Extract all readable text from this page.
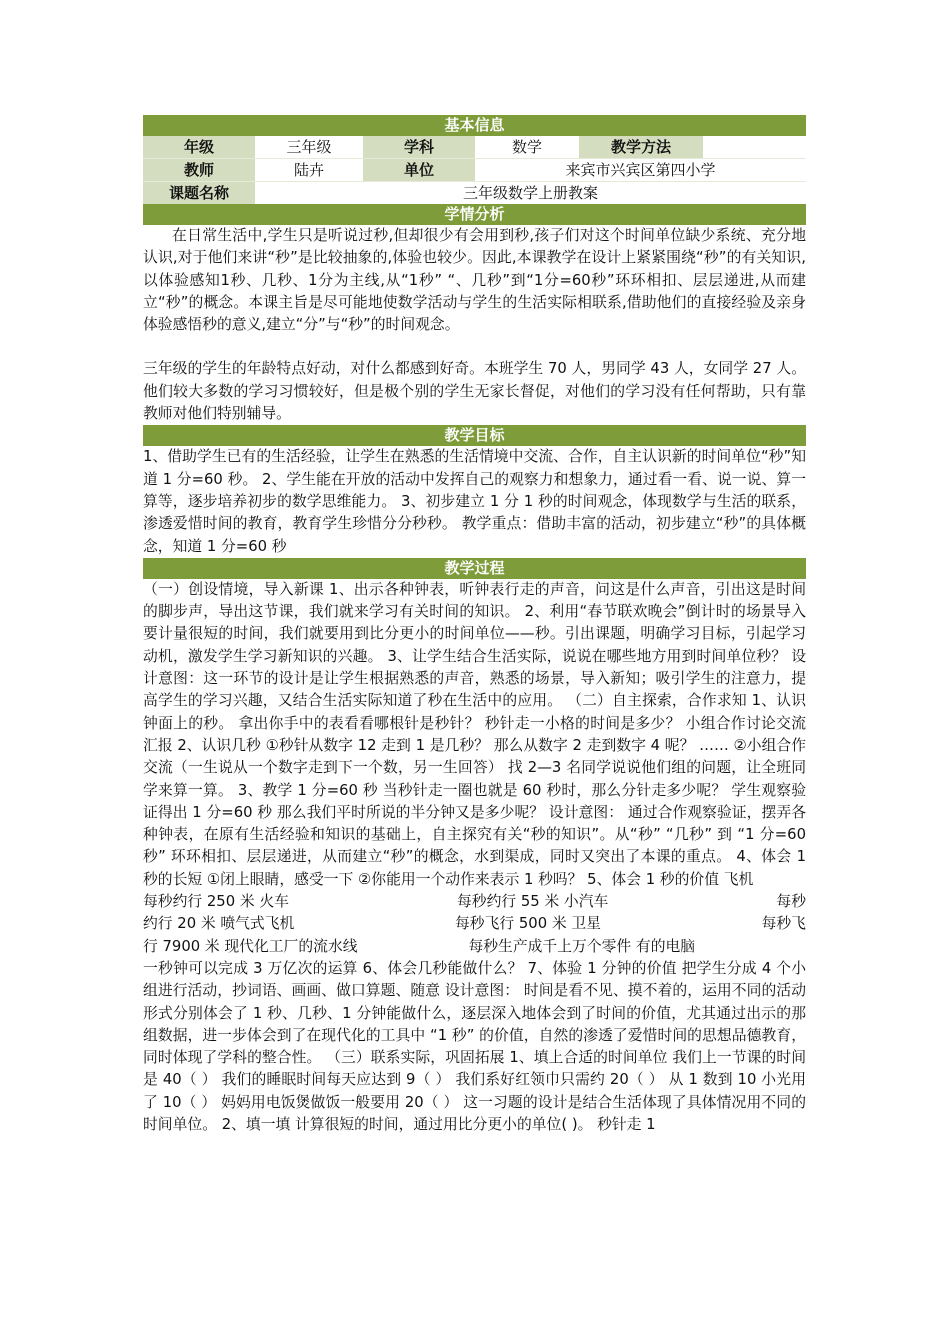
基本信息
年级	三年级	学科	数学	教学方法
教师	陆卉	单位	来宾市兴宾区第四小学
课题名称	三年级数学上册教案
学情分析

在日常生活中,学生只是听说过秒,但却很少有会用到秒,孩子们对这个时间单位缺少系统、充分地认识,对于他们来讲“秒”是比较抽象的,体验也较少。因此,本课教学在设计上紧紧围绕“秒”的有关知识,以体验感知1秒、几秒、1分为主线,从“1秒” “、几秒”到“1分=60秒”环环相扣、层层递进,从而建立“秒”的概念。本课主旨是尽可能地使数学活动与学生的生活实际相联系,借助他们的直接经验及亲身体验感悟秒的意义,建立“分”与“秒”的时间观念。

三年级的学生的年龄特点好动，对什么都感到好奇。本班学生 70 人，男同学 43 人，女同学 27 人。他们较大多数的学习习惯较好，但是极个别的学生无家长督促，对他们的学习没有任何帮助，只有靠教师对他们特别辅导。

教学目标

1、借助学生已有的生活经验，让学生在熟悉的生活情境中交流、合作，自主认识新的时间单位“秒”知道 1 分=60 秒。 2、学生能在开放的活动中发挥自己的观察力和想象力，通过看一看、说一说、算一算等，逐步培养初步的数学思维能力。 3、初步建立 1 分 1 秒的时间观念，体现数学与生活的联系，渗透爱惜时间的教育，教育学生珍惜分分秒秒。 教学重点：借助丰富的活动，初步建立“秒”的具体概念，知道 1 分=60 秒

教学过程

（一）创设情境，导入新课 1、出示各种钟表，听钟表行走的声音，问这是什么声音，引出这是时间的脚步声，导出这节课，我们就来学习有关时间的知识。 2、利用“春节联欢晚会”倒计时的场景导入要计量很短的时间，我们就要用到比分更小的时间单位——秒。引出课题，明确学习目标，引起学习动机，激发学生学习新知识的兴趣。 3、让学生结合生活实际，说说在哪些地方用到时间单位秒？ 设计意图：这一环节的设计是让学生根据熟悉的声音，熟悉的场景，导入新知；吸引学生的注意力，提高学生的学习兴趣，又结合生活实际知道了秒在生活中的应用。 （二）自主探索，合作求知 1、认识钟面上的秒。 拿出你手中的表看看哪根针是秒针？ 秒针走一小格的时间是多少？ 小组合作讨论交流汇报 2、认识几秒 ①秒针从数字 12 走到 1 是几秒？ 那么从数字 2 走到数字 4 呢？ …… ②小组合作交流（一生说从一个数字走到下一个数，另一生回答） 找 2—3 名同学说说他们组的问题，让全班同学来算一算。 3、教学 1 分=60 秒 当秒针走一圈也就是 60 秒时，那么分针走多少呢？ 学生观察验证得出 1 分=60 秒 那么我们平时所说的半分钟又是多少呢？ 设计意图： 通过合作观察验证，摆弄各种钟表，在原有生活经验和知识的基础上，自主探究有关“秒的知识”。从“秒” “几秒” 到 “1 分=60 秒” 环环相扣、层层递进，从而建立“秒”的概念，水到渠成，同时又突出了本课的重点。 4、体会 1 秒的长短 ①闭上眼睛，感受一下 ②你能用一个动作来表示 1 秒吗？ 5、体会 1 秒的价值 飞机

每秒约行 250 米 火车	每秒约行 55 米 小汽车	每秒
约行 20 米 喷气式飞机	每秒飞行 500 米 卫星	每秒飞
行 7900 米 现代化工厂的流水线	每秒生产成千上万个零件 有的电脑

一秒钟可以完成 3 万亿次的运算 6、体会几秒能做什么？ 7、体验 1 分钟的价值 把学生分成 4 个小组进行活动，抄词语、画画、做口算题、随意 设计意图： 时间是看不见、摸不着的，运用不同的活动形式分别体会了 1 秒、几秒、1 分钟能做什么，逐层深入地体会到了时间的价值，尤其通过出示的那组数据，进一步体会到了在现代化的工具中 “1 秒” 的价值，自然的渗透了爱惜时间的思想品德教育，同时体现了学科的整合性。 （三）联系实际，巩固拓展 1、填上合适的时间单位 我们上一节课的时间是 40（ ） 我们的睡眠时间每天应达到 9（ ） 我们系好红领巾只需约 20（ ） 从 1 数到 10 小光用了 10（ ） 妈妈用电饭煲做饭一般要用 20（ ） 这一习题的设计是结合生活体现了具体情况用不同的时间单位。 2、填一填 计算很短的时间，通过用比分更小的单位( )。 秒针走 1
